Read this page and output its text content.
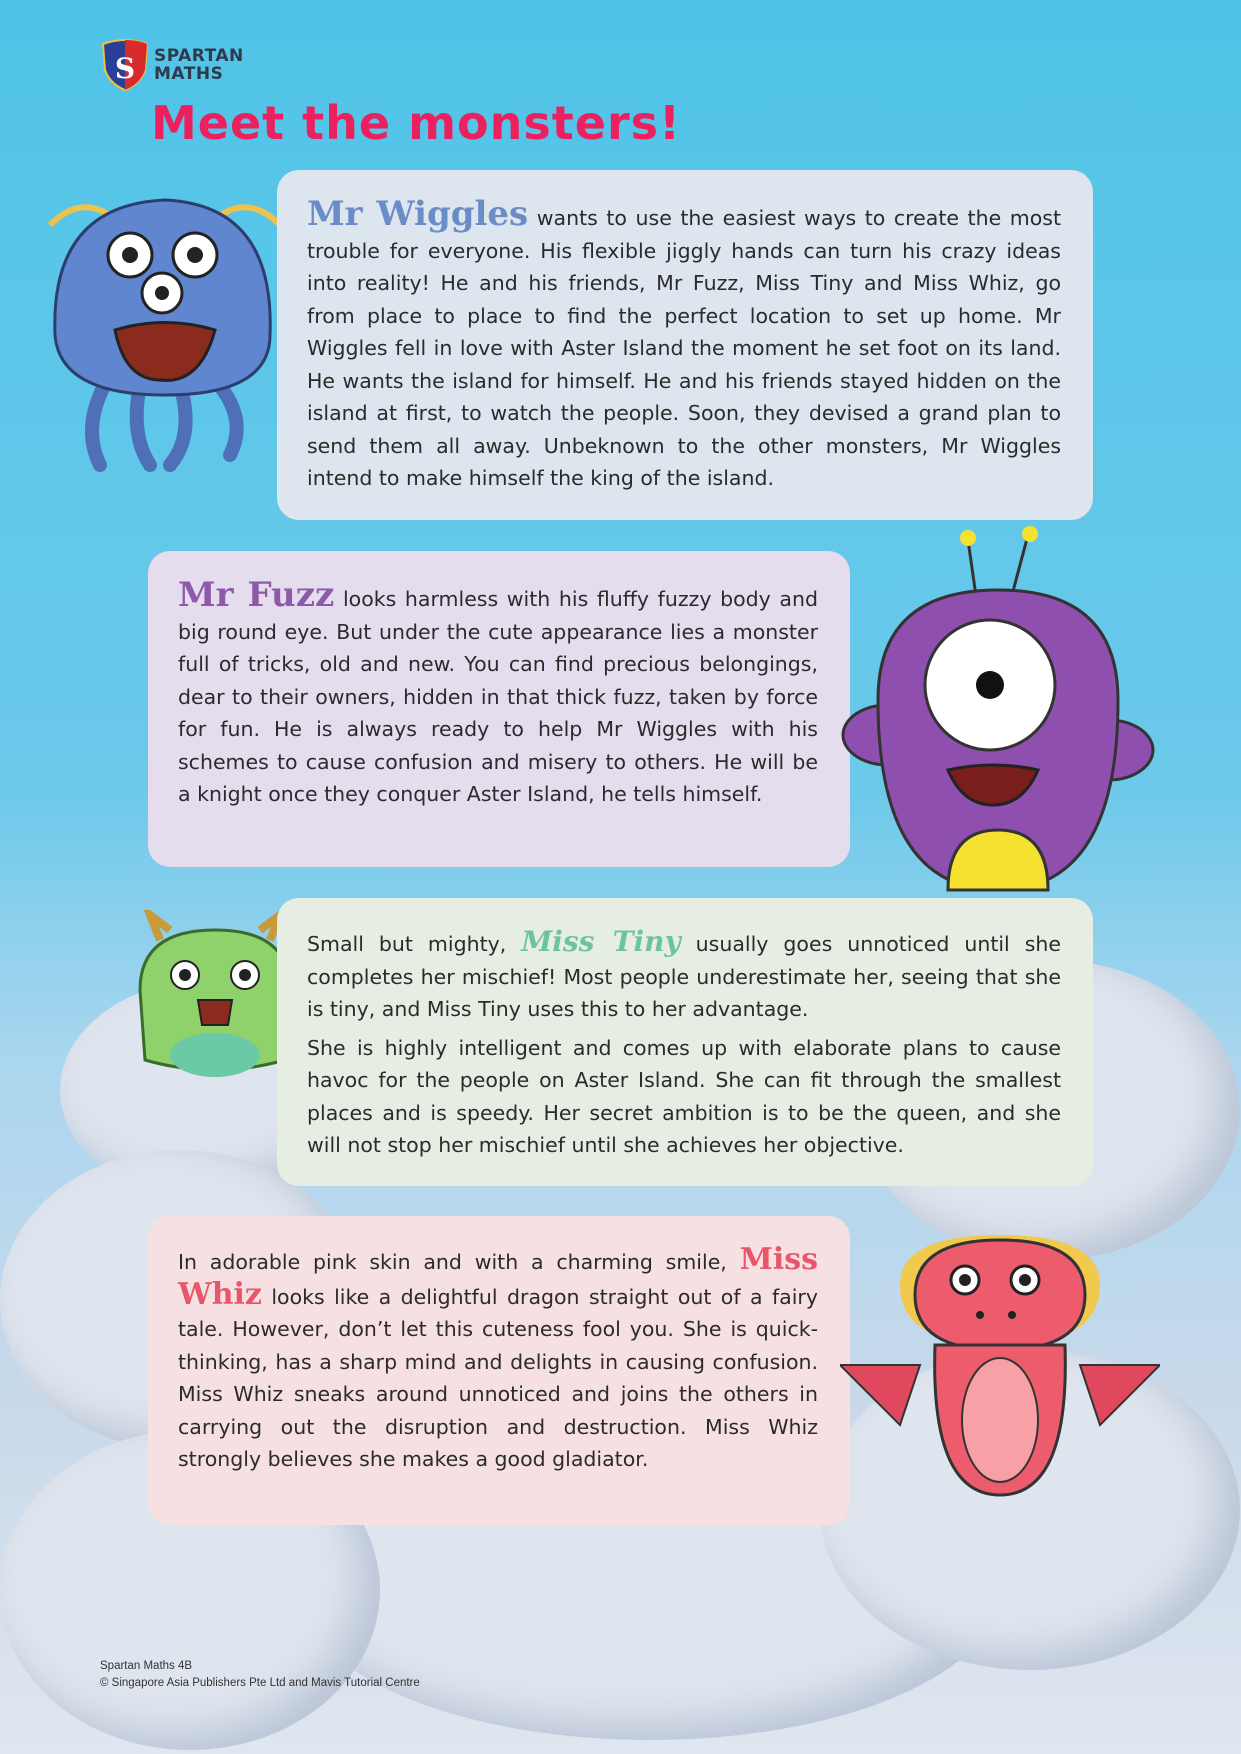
S SPARTAN
MATHS
Meet the monsters!
Mr Wiggles wants to use the easiest ways to create the most trouble for everyone. His flexible jiggly hands can turn his crazy ideas into reality! He and his friends, Mr Fuzz, Miss Tiny and Miss Whiz, go from place to place to find the perfect location to set up home. Mr Wiggles fell in love with Aster Island the moment he set foot on its land. He wants the island for himself. He and his friends stayed hidden on the island at first, to watch the people. Soon, they devised a grand plan to send them all away. Unbeknown to the other monsters, Mr Wiggles intend to make himself the king of the island.
Mr Fuzz looks harmless with his fluffy fuzzy body and big round eye. But under the cute appearance lies a monster full of tricks, old and new. You can find precious belongings, dear to their owners, hidden in that thick fuzz, taken by force for fun. He is always ready to help Mr Wiggles with his schemes to cause confusion and misery to others. He will be a knight once they conquer Aster Island, he tells himself.

Small but mighty, Miss Tiny usually goes unnoticed until she completes her mischief! Most people underestimate her, seeing that she is tiny, and Miss Tiny uses this to her advantage.

She is highly intelligent and comes up with elaborate plans to cause havoc for the people on Aster Island. She can fit through the smallest places and is speedy. Her secret ambition is to be the queen, and she will not stop her mischief until she achieves her objective.

In adorable pink skin and with a charming smile, Miss Whiz looks like a delightful dragon straight out of a fairy tale. However, don’t let this cuteness fool you. She is quick-thinking, has a sharp mind and delights in causing confusion. Miss Whiz sneaks around unnoticed and joins the others in carrying out the disruption and destruction. Miss Whiz strongly believes she makes a good gladiator.
Spartan Maths 4B
© Singapore Asia Publishers Pte Ltd and Mavis Tutorial Centre
